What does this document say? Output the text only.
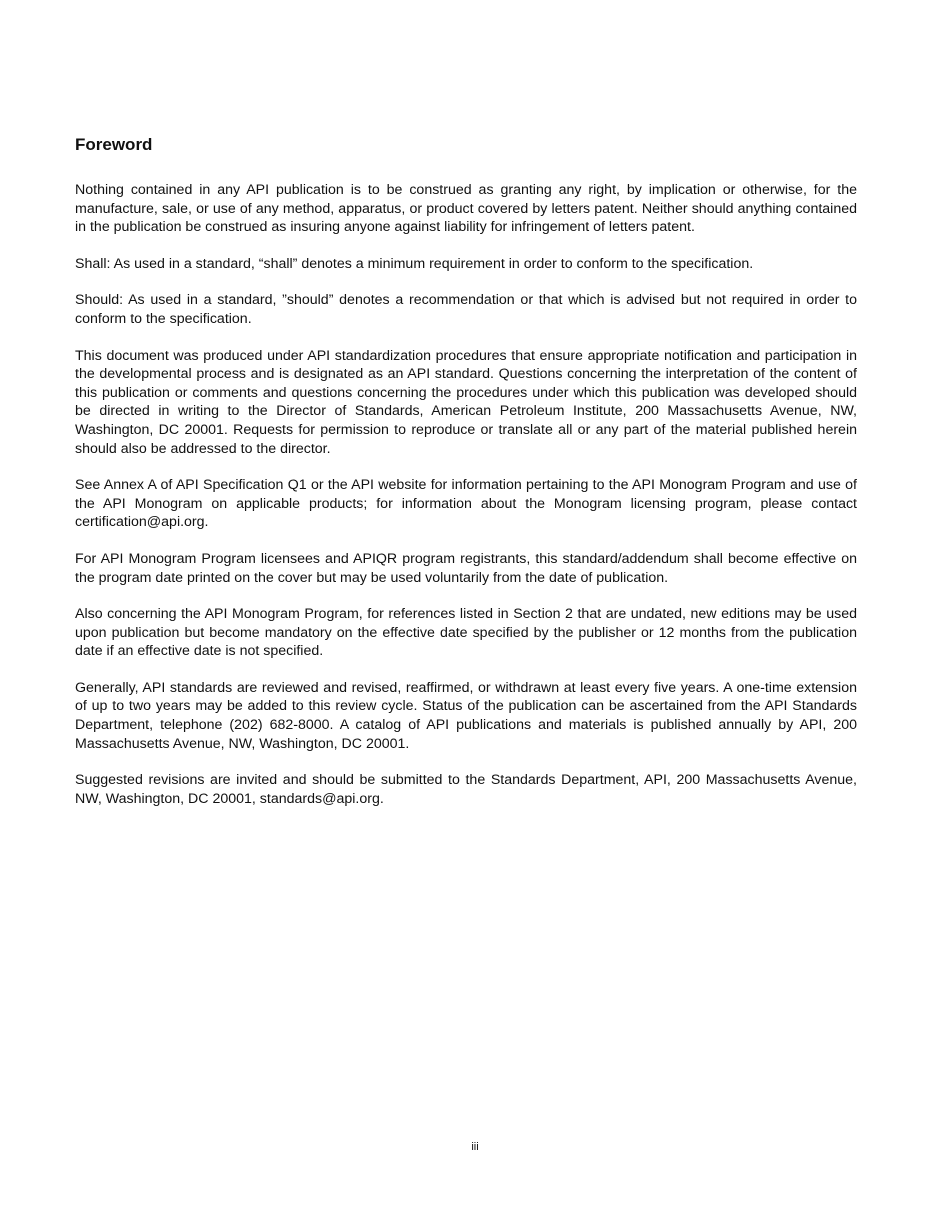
Foreword

Nothing contained in any API publication is to be construed as granting any right, by implication or otherwise, for the manufacture, sale, or use of any method, apparatus, or product covered by letters patent. Neither should anything contained in the publication be construed as insuring anyone against liability for infringement of letters patent.

Shall: As used in a standard, “shall” denotes a minimum requirement in order to conform to the specification.

Should: As used in a standard, ”should” denotes a recommendation or that which is advised but not required in order to conform to the specification.

This document was produced under API standardization procedures that ensure appropriate notification and participation in the developmental process and is designated as an API standard. Questions concerning the interpretation of the content of this publication or comments and questions concerning the procedures under which this publication was developed should be directed in writing to the Director of Standards, American Petroleum Institute, 200 Massachusetts Avenue, NW, Washington, DC 20001. Requests for permission to reproduce or translate all or any part of the material published herein should also be addressed to the director.

See Annex A of API Specification Q1 or the API website for information pertaining to the API Monogram Program and use of the API Monogram on applicable products; for information about the Monogram licensing program, please contact certification@api.org.

For API Monogram Program licensees and APIQR program registrants, this standard/addendum shall become effective on the program date printed on the cover but may be used voluntarily from the date of publication.

Also concerning the API Monogram Program, for references listed in Section 2 that are undated, new editions may be used upon publication but become mandatory on the effective date specified by the publisher or 12 months from the publication date if an effective date is not specified.

Generally, API standards are reviewed and revised, reaffirmed, or withdrawn at least every five years. A one-time extension of up to two years may be added to this review cycle. Status of the publication can be ascertained from the API Standards Department, telephone (202) 682-8000. A catalog of API publications and materials is published annually by API, 200 Massachusetts Avenue, NW, Washington, DC 20001.

Suggested revisions are invited and should be submitted to the Standards Department, API, 200 Massachusetts Avenue, NW, Washington, DC 20001, standards@api.org.

iii
